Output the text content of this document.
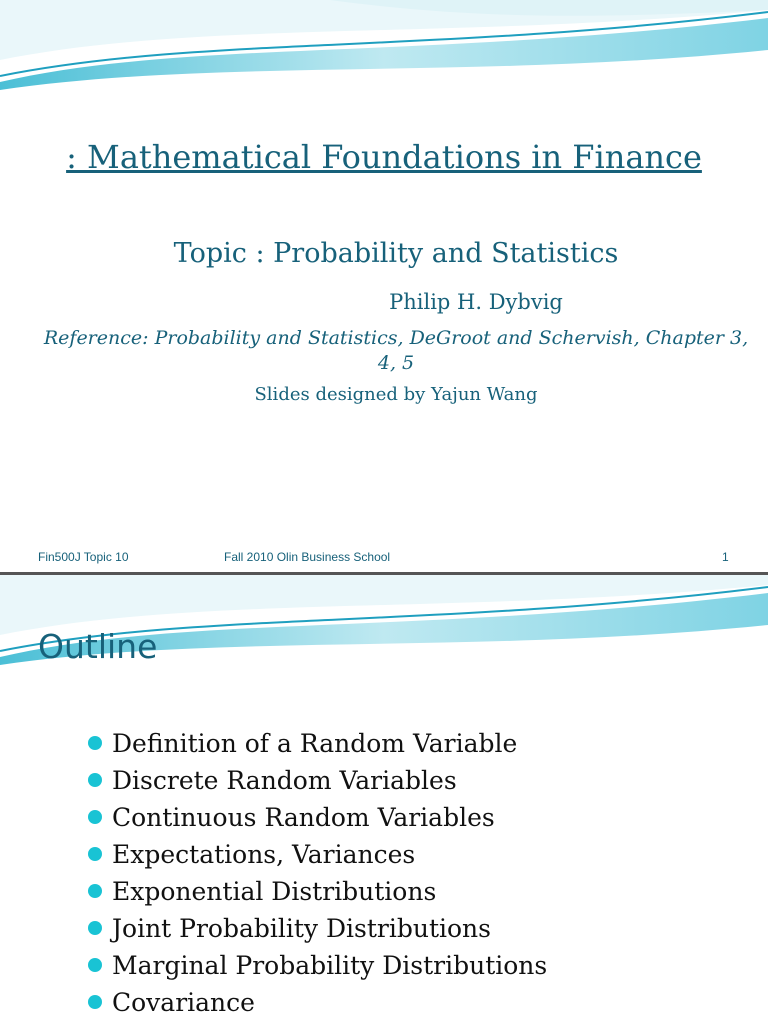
: Mathematical Foundations in Finance
Topic : Probability and Statistics
Philip H. Dybvig
Reference: Probability and Statistics, DeGroot and Schervish, Chapter 3, 4, 5
Slides designed by Yajun Wang
Fin500J Topic 10	Fall 2010 Olin Business School	1
Outline
Definition of a Random Variable
Discrete Random Variables
Continuous Random Variables
Expectations, Variances
Exponential Distributions
Joint Probability Distributions
Marginal Probability Distributions
Covariance
